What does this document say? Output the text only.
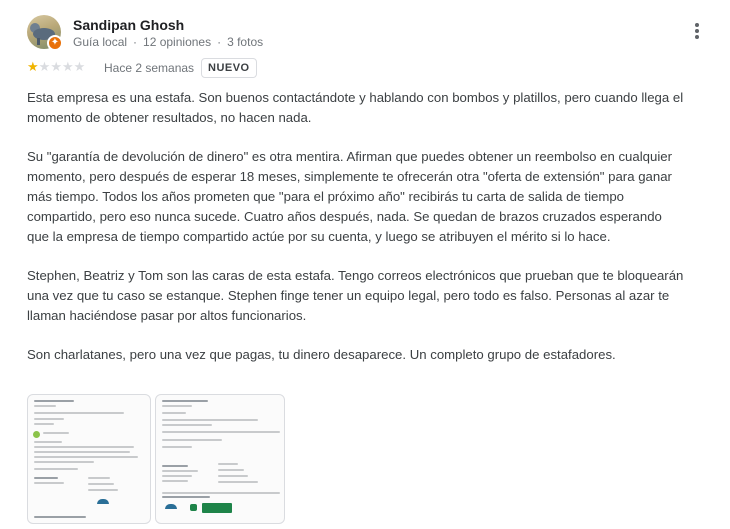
✦
Sandipan Ghosh
Guía local · 12 opiniones · 3 fotos
★★★★★ Hace 2 semanas	NUEVO

Esta empresa es una estafa. Son buenos contactándote y hablando con bombos y platillos, pero cuando llega el momento de obtener resultados, no hacen nada.

Su "garantía de devolución de dinero" es otra mentira. Afirman que puedes obtener un reembolso en cualquier momento, pero después de esperar 18 meses, simplemente te ofrecerán otra "oferta de extensión" para ganar más tiempo. Todos los años prometen que "para el próximo año" recibirás tu carta de salida de tiempo compartido, pero eso nunca sucede. Cuatro años después, nada. Se quedan de brazos cruzados esperando que la empresa de tiempo compartido actúe por su cuenta, y luego se atribuyen el mérito si lo hace.

Stephen, Beatriz y Tom son las caras de esta estafa. Tengo correos electrónicos que prueban que te bloquearán una vez que tu caso se estanque. Stephen finge tener un equipo legal, pero todo es falso. Personas al azar te llaman haciéndose pasar por altos funcionarios.

Son charlatanes, pero una vez que pagas, tu dinero desaparece. Un completo grupo de estafadores.
